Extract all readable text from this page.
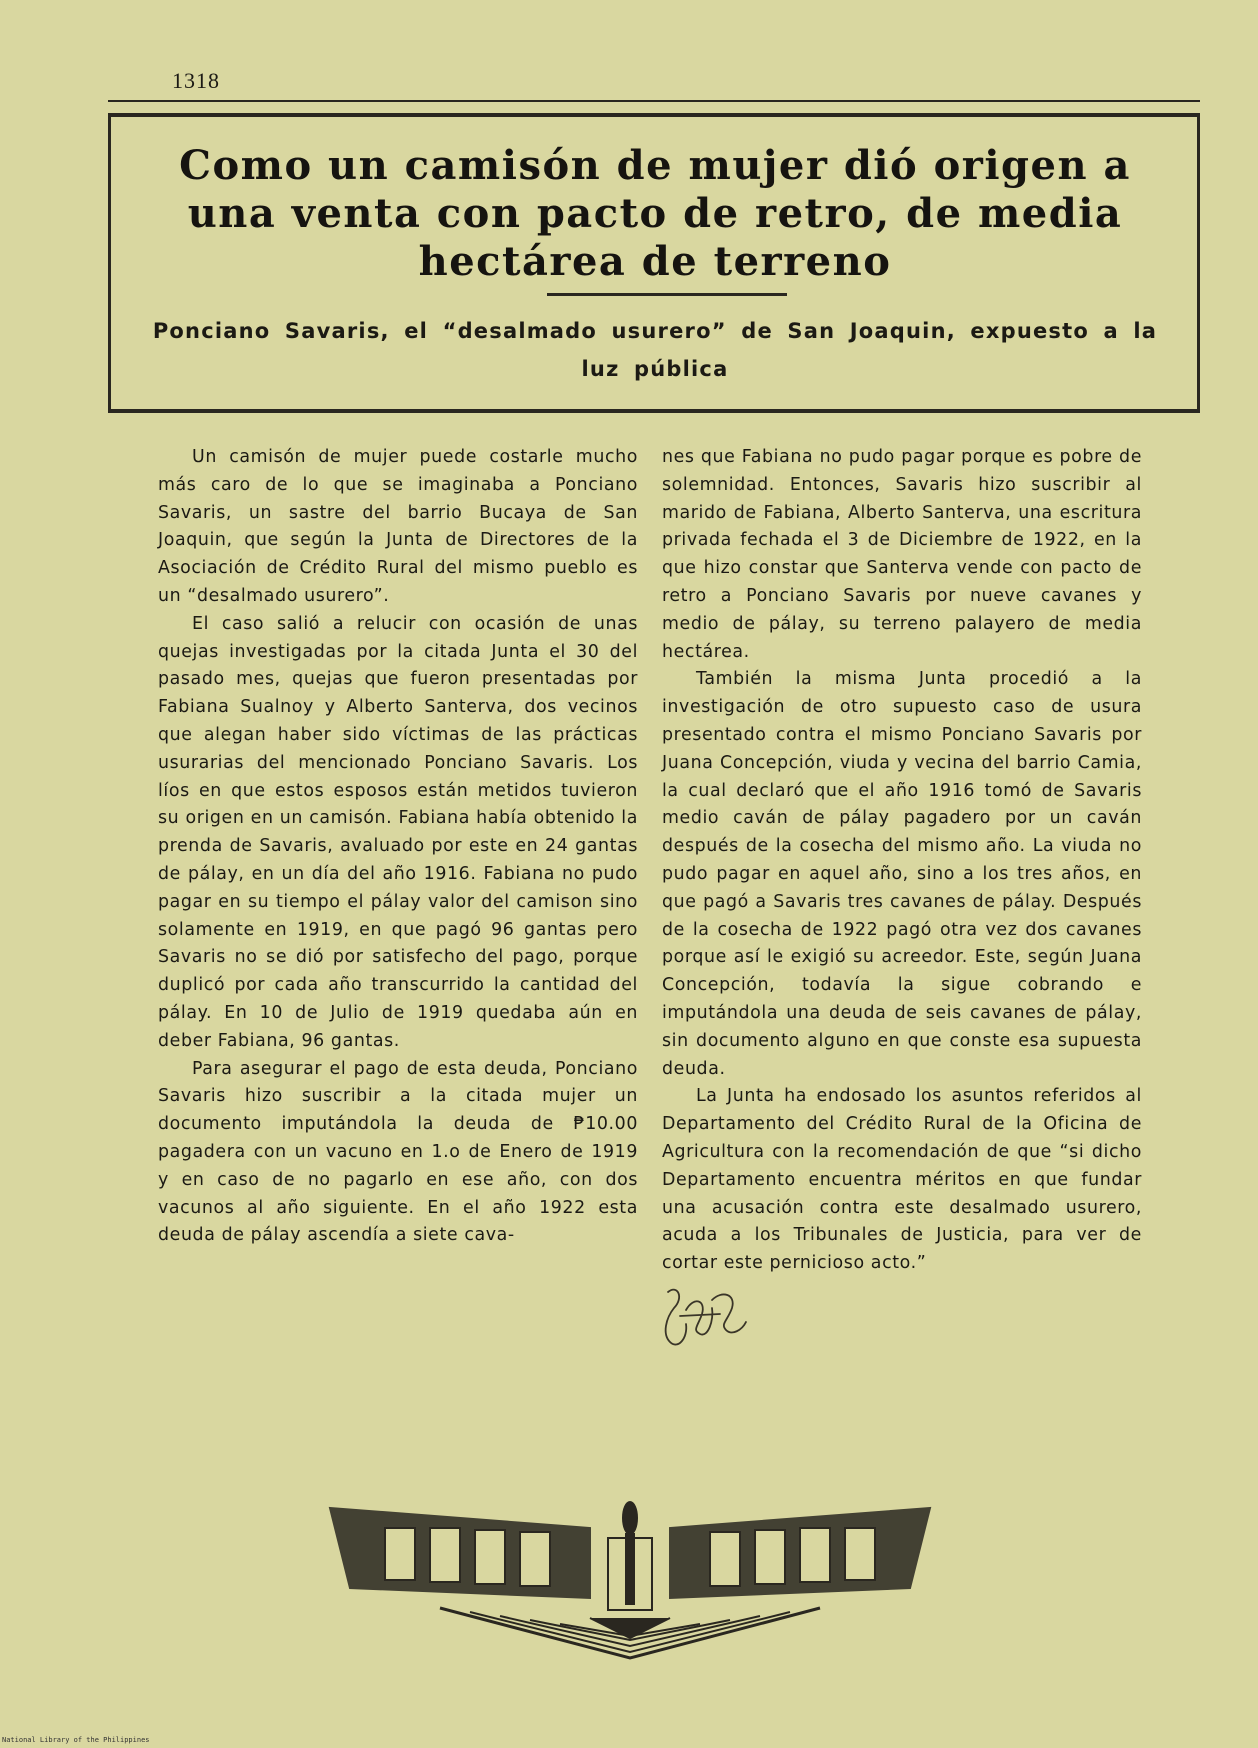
1318
Como un camisón de mujer dió origen a una venta con pacto de retro, de media hectárea de terreno
Ponciano Savaris, el “desalmado usurero” de San Joaquin, expuesto a la luz pública

Un camisón de mujer puede costarle mucho más caro de lo que se imaginaba a Ponciano Savaris, un sastre del barrio Bucaya de San Joaquin, que según la Junta de Directores de la Asociación de Crédito Rural del mismo pueblo es un “desalmado usurero”.

El caso salió a relucir con ocasión de unas quejas investigadas por la citada Junta el 30 del pasado mes, quejas que fueron presentadas por Fabiana Sualnoy y Alberto Santerva, dos vecinos que alegan haber sido víctimas de las prácticas usurarias del mencionado Ponciano Savaris. Los líos en que estos esposos están metidos tuvieron su origen en un camisón. Fabiana había obtenido la prenda de Savaris, avaluado por este en 24 gantas de pálay, en un día del año 1916. Fabiana no pudo pagar en su tiempo el pálay valor del camison sino solamente en 1919, en que pagó 96 gantas pero Savaris no se dió por satisfecho del pago, porque duplicó por cada año transcurrido la cantidad del pálay. En 10 de Julio de 1919 quedaba aún en deber Fabiana, 96 gantas.

Para asegurar el pago de esta deuda, Ponciano Savaris hizo suscribir a la citada mujer un documento imputándola la deuda de ₱10.00 pagadera con un vacuno en 1.o de Enero de 1919 y en caso de no pagarlo en ese año, con dos vacunos al año siguiente. En el año 1922 esta deuda de pálay ascendía a siete cava-

nes que Fabiana no pudo pagar porque es pobre de solemnidad. Entonces, Savaris hizo suscribir al marido de Fabiana, Alberto Santerva, una escritura privada fechada el 3 de Diciembre de 1922, en la que hizo constar que Santerva vende con pacto de retro a Ponciano Savaris por nueve cavanes y medio de pálay, su terreno palayero de media hectárea.

También la misma Junta procedió a la investigación de otro supuesto caso de usura presentado contra el mismo Ponciano Savaris por Juana Concepción, viuda y vecina del barrio Camia, la cual declaró que el año 1916 tomó de Savaris medio caván de pálay pagadero por un caván después de la cosecha del mismo año. La viuda no pudo pagar en aquel año, sino a los tres años, en que pagó a Savaris tres cavanes de pálay. Después de la cosecha de 1922 pagó otra vez dos cavanes porque así le exigió su acreedor. Este, según Juana Concepción, todavía la sigue cobrando e imputándola una deuda de seis cavanes de pálay, sin documento alguno en que conste esa supuesta deuda.

La Junta ha endosado los asuntos referidos al Departamento del Crédito Rural de la Oficina de Agricultura con la recomendación de que “si dicho Departamento encuentra méritos en que fundar una acusación contra este desalmado usurero, acuda a los Tribunales de Justicia, para ver de cortar este pernicioso acto.”

National Library of the Philippines
